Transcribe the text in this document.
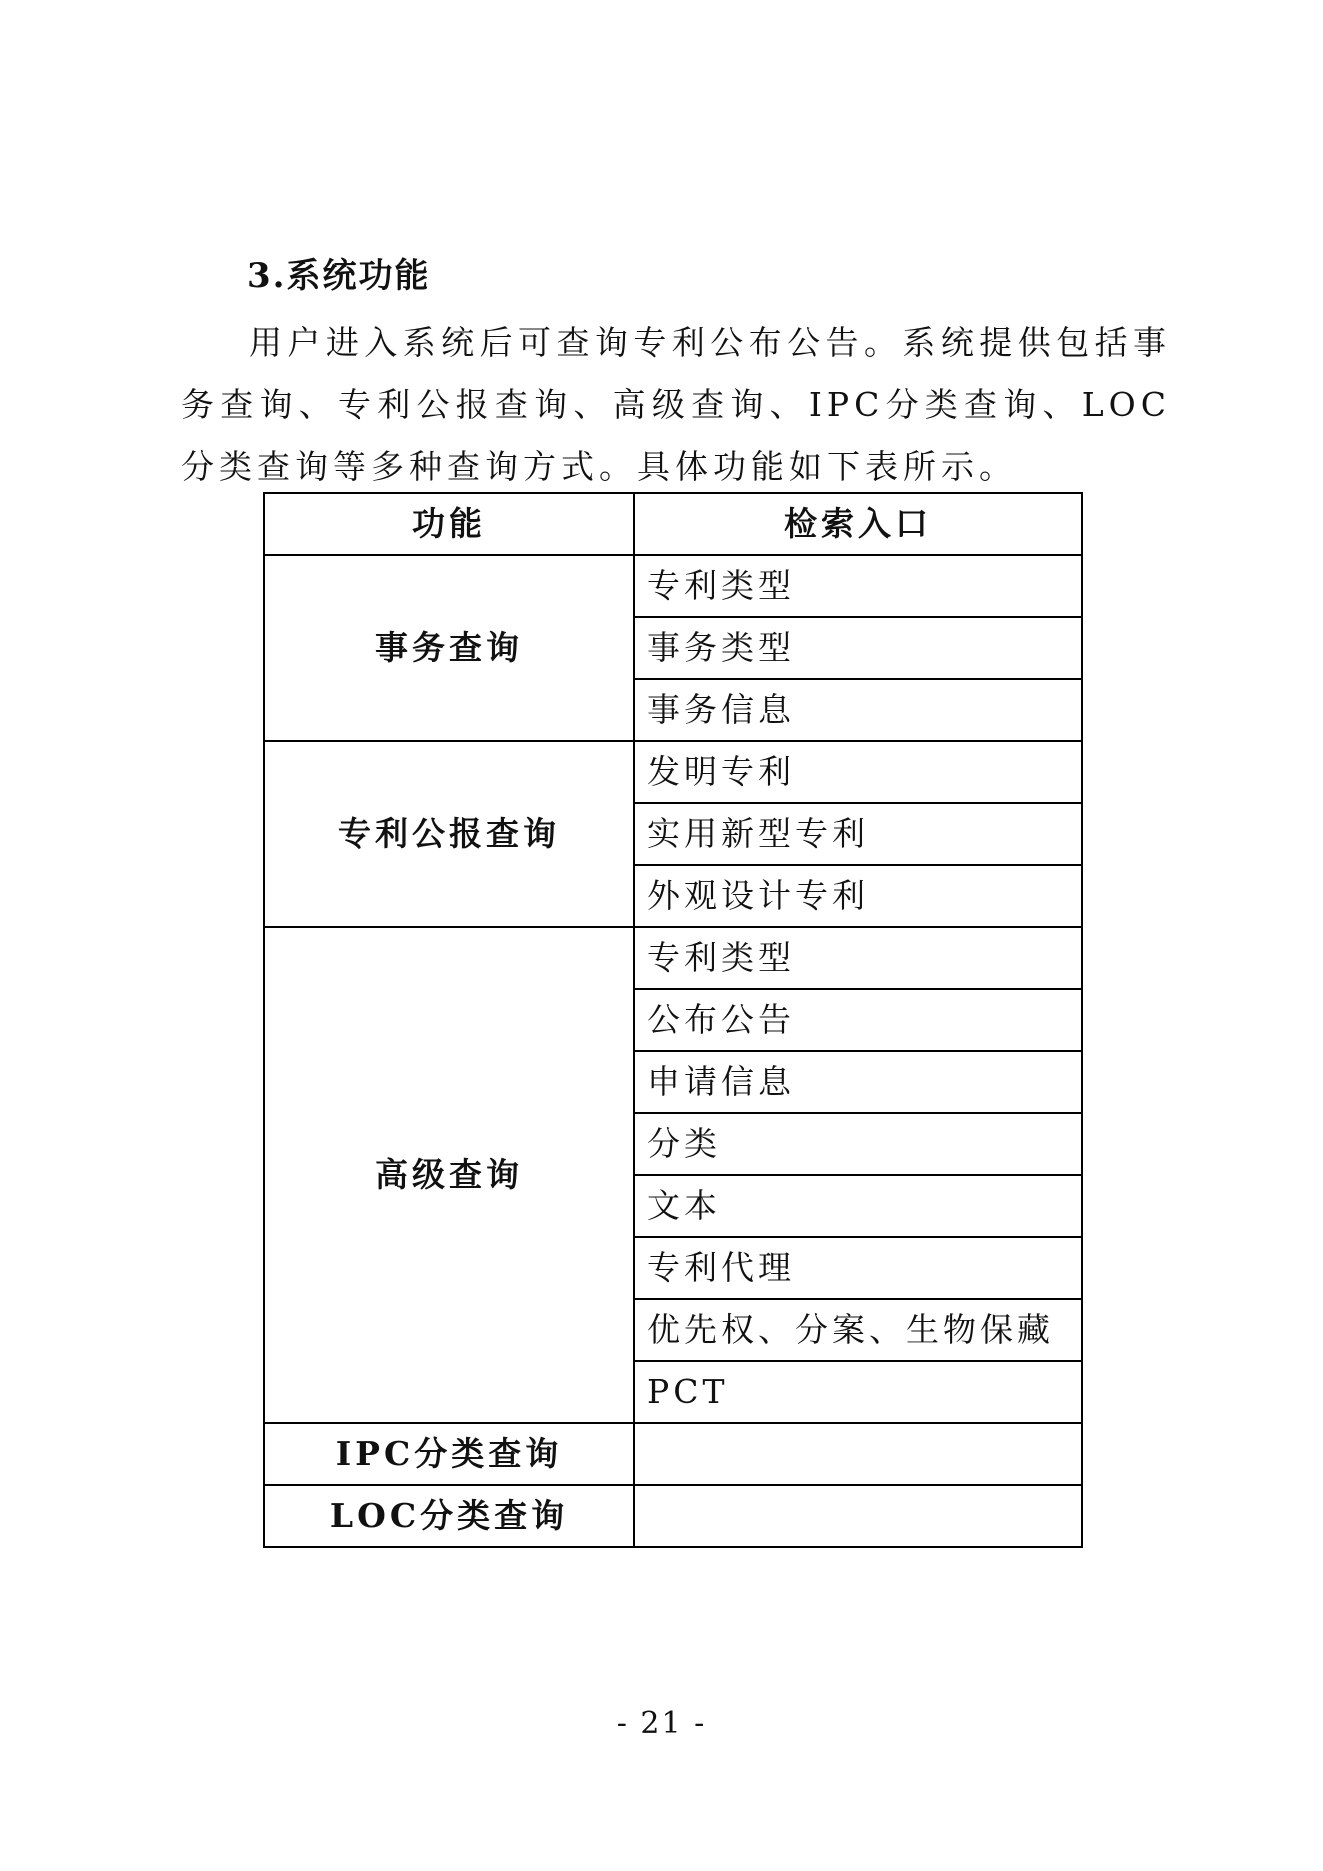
3.系统功能

用户进入系统后可查询专利公布公告。系统提供包括事务查询、专利公报查询、高级查询、IPC分类查询、LOC分类查询等多种查询方式。具体功能如下表所示。

功能	检索入口
事务查询	专利类型
	事务类型
	事务信息
专利公报查询	发明专利
	实用新型专利
	外观设计专利
高级查询	专利类型
	公布公告
	申请信息
	分类
	文本
	专利代理
	优先权、分案、生物保藏
	PCT
IPC分类查询	
LOC分类查询	
- 21 -
